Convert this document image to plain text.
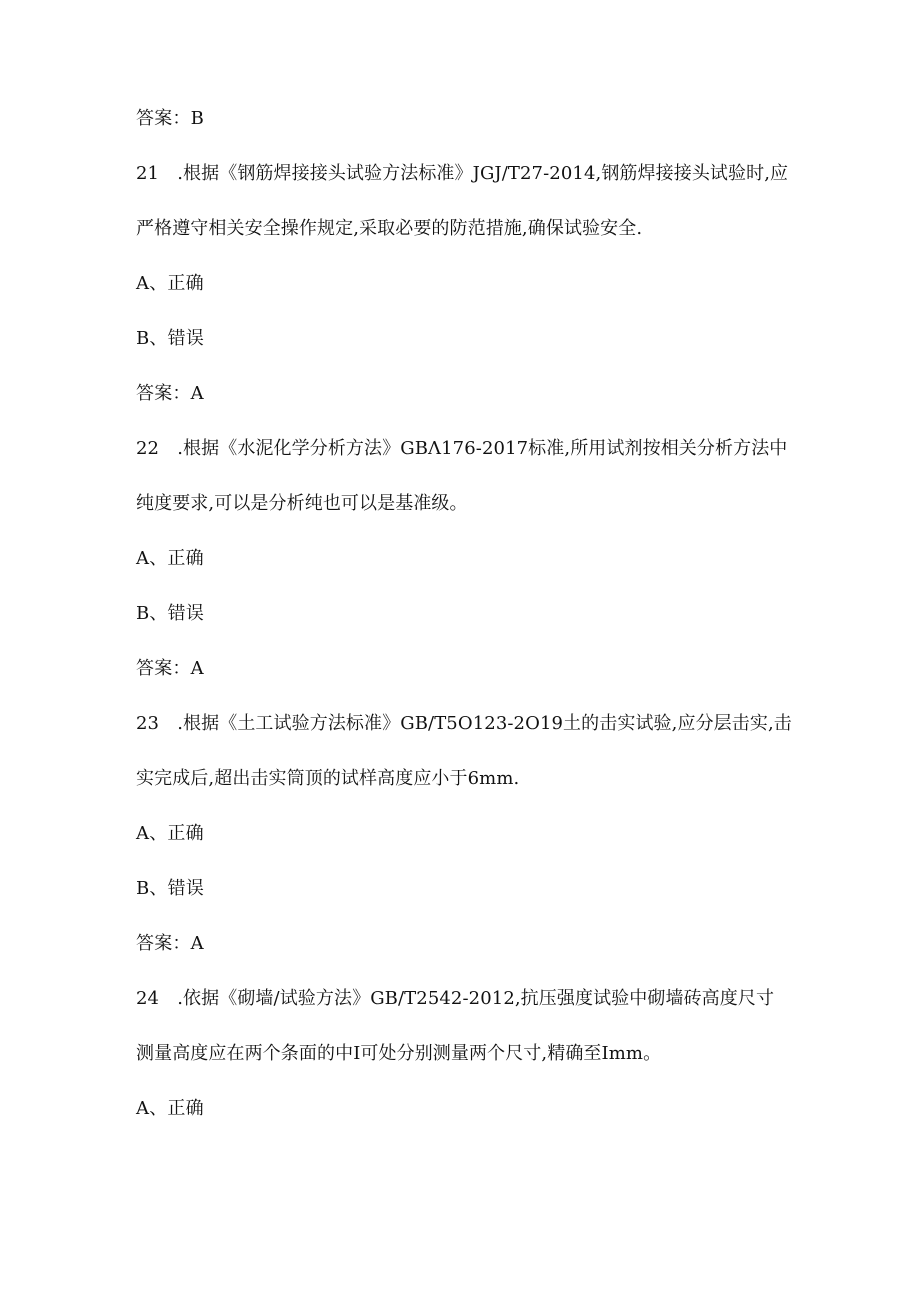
答案：B
21　.根据《钢筋焊接接头试验方法标准》JGJ/T27-2014,钢筋焊接接头试验时,应
严格遵守相关安全操作规定,采取必要的防范措施,确保试验安全.
A、正确
B、错误
答案：A
22　.根据《水泥化学分析方法》GBΛ176-2017标准,所用试剂按相关分析方法中
纯度要求,可以是分析纯也可以是基准级。
A、正确
B、错误
答案：A
23　.根据《土工试验方法标准》GB/T5O123-2O19土的击实试验,应分层击实,击
实完成后,超出击实筒顶的试样高度应小于6mm.
A、正确
B、错误
答案：A
24　.依据《砌墙/试验方法》GB/T2542-2012,抗压强度试验中砌墙砖高度尺寸
测量高度应在两个条面的中I可处分别测量两个尺寸,精确至Imm。
A、正确
